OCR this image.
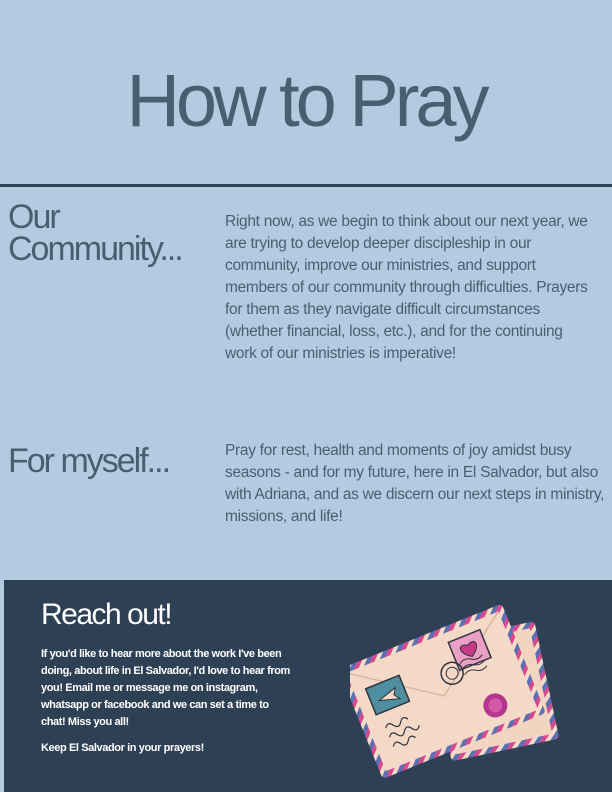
How to Pray
Our
Community...

Right now, as we begin to think about our next year, we are trying to develop deeper discipleship in our community, improve our ministries, and support members of our community through difficulties. Prayers for them as they navigate difficult circumstances (whether financial, loss, etc.), and for the continuing work of our ministries is imperative!

For myself...	Pray for rest, health and moments of joy amidst busy seasons - and for my future, here in El Salvador, but also with Adriana, and as we discern our next steps in ministry, missions, and life!

Reach out!

If you'd like to hear more about the work I've been doing, about life in El Salvador, I'd love to hear from you! Email me or message me on instagram, whatsapp or facebook and we can set a time to chat! Miss you all!

Keep El Salvador in your prayers!
